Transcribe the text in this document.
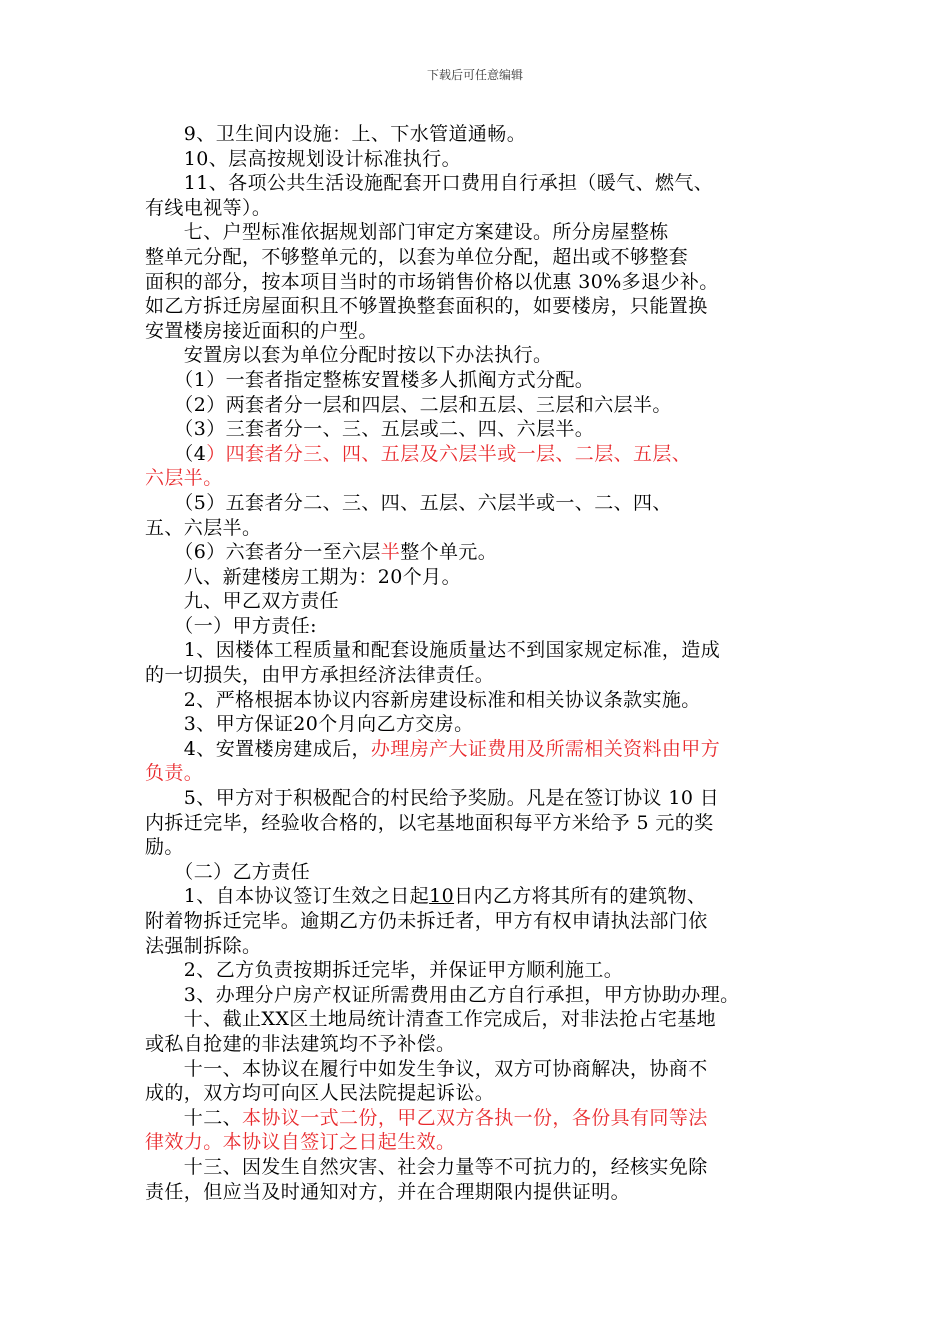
下载后可任意编辑
　　9、卫生间内设施：上、下水管道通畅。
　　10、层高按规划设计标准执行。
　　11、各项公共生活设施配套开口费用自行承担（暖气、燃气、
有线电视等）。
　　七、户型标准依据规划部门审定方案建设。所分房屋整栋
整单元分配，不够整单元的，以套为单位分配，超出或不够整套
面积的部分，按本项目当时的市场销售价格以优惠 30%多退少补。
如乙方拆迁房屋面积且不够置换整套面积的，如要楼房，只能置换
安置楼房接近面积的户型。
　　安置房以套为单位分配时按以下办法执行。
　　（1）一套者指定整栋安置楼多人抓阄方式分配。
　　（2）两套者分一层和四层、二层和五层、三层和六层半。
　　（3）三套者分一、三、五层或二、四、六层半。
　　（4）四套者分三、四、五层及六层半或一层、二层、五层、
六层半。
　　（5）五套者分二、三、四、五层、六层半或一、二、四、
五、六层半。
　　（6）六套者分一至六层半整个单元。
　　八、新建楼房工期为：20个月。
　　九、甲乙双方责任
　　（一）甲方责任:
　　1、因楼体工程质量和配套设施质量达不到国家规定标准，造成
的一切损失，由甲方承担经济法律责任。
　　2、严格根据本协议内容新房建设标准和相关协议条款实施。
　　3、甲方保证20个月向乙方交房。
　　4、安置楼房建成后，办理房产大证费用及所需相关资料由甲方
负责。
　　5、甲方对于积极配合的村民给予奖励。凡是在签订协议 10 日
内拆迁完毕，经验收合格的，以宅基地面积每平方米给予 5 元的奖
励。
　　（二）乙方责任
　　1、自本协议签订生效之日起10日内乙方将其所有的建筑物、
附着物拆迁完毕。逾期乙方仍未拆迁者，甲方有权申请执法部门依
法强制拆除。
　　2、乙方负责按期拆迁完毕，并保证甲方顺利施工。
　　3、办理分户房产权证所需费用由乙方自行承担，甲方协助办理。
　　十、截止XX区土地局统计清查工作完成后，对非法抢占宅基地
或私自抢建的非法建筑均不予补偿。
　　十一、本协议在履行中如发生争议，双方可协商解决，协商不
成的，双方均可向区人民法院提起诉讼。
　　十二、本协议一式二份，甲乙双方各执一份，各份具有同等法
律效力。本协议自签订之日起生效。
　　十三、因发生自然灾害、社会力量等不可抗力的，经核实免除
责任，但应当及时通知对方，并在合理期限内提供证明。
